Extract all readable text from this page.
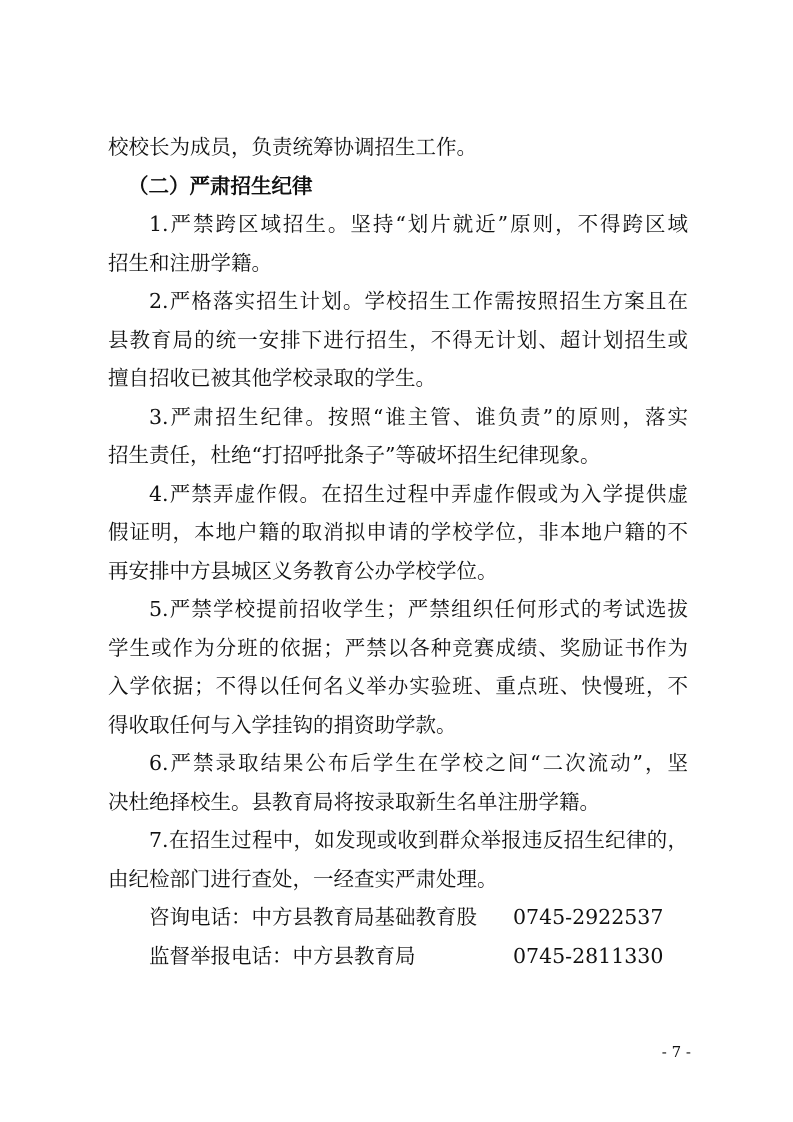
校校长为成员，负责统筹协调招生工作。
（二）严肃招生纪律
1.严禁跨区域招生。坚持“划片就近”原则，不得跨区域
招生和注册学籍。
2.严格落实招生计划。学校招生工作需按照招生方案且在
县教育局的统一安排下进行招生，不得无计划、超计划招生或
擅自招收已被其他学校录取的学生。
3.严肃招生纪律。按照“谁主管、谁负责”的原则，落实
招生责任，杜绝“打招呼批条子”等破坏招生纪律现象。
4.严禁弄虚作假。在招生过程中弄虚作假或为入学提供虚
假证明，本地户籍的取消拟申请的学校学位，非本地户籍的不
再安排中方县城区义务教育公办学校学位。
5.严禁学校提前招收学生；严禁组织任何形式的考试选拔
学生或作为分班的依据；严禁以各种竞赛成绩、奖励证书作为
入学依据；不得以任何名义举办实验班、重点班、快慢班，不
得收取任何与入学挂钩的捐资助学款。
6.严禁录取结果公布后学生在学校之间“二次流动”，坚
决杜绝择校生。县教育局将按录取新生名单注册学籍。
7.在招生过程中，如发现或收到群众举报违反招生纪律的，
由纪检部门进行查处，一经查实严肃处理。
咨询电话：中方县教育局基础教育股 0745-2922537
监督举报电话：中方县教育局	0745-2811330
- 7 -
